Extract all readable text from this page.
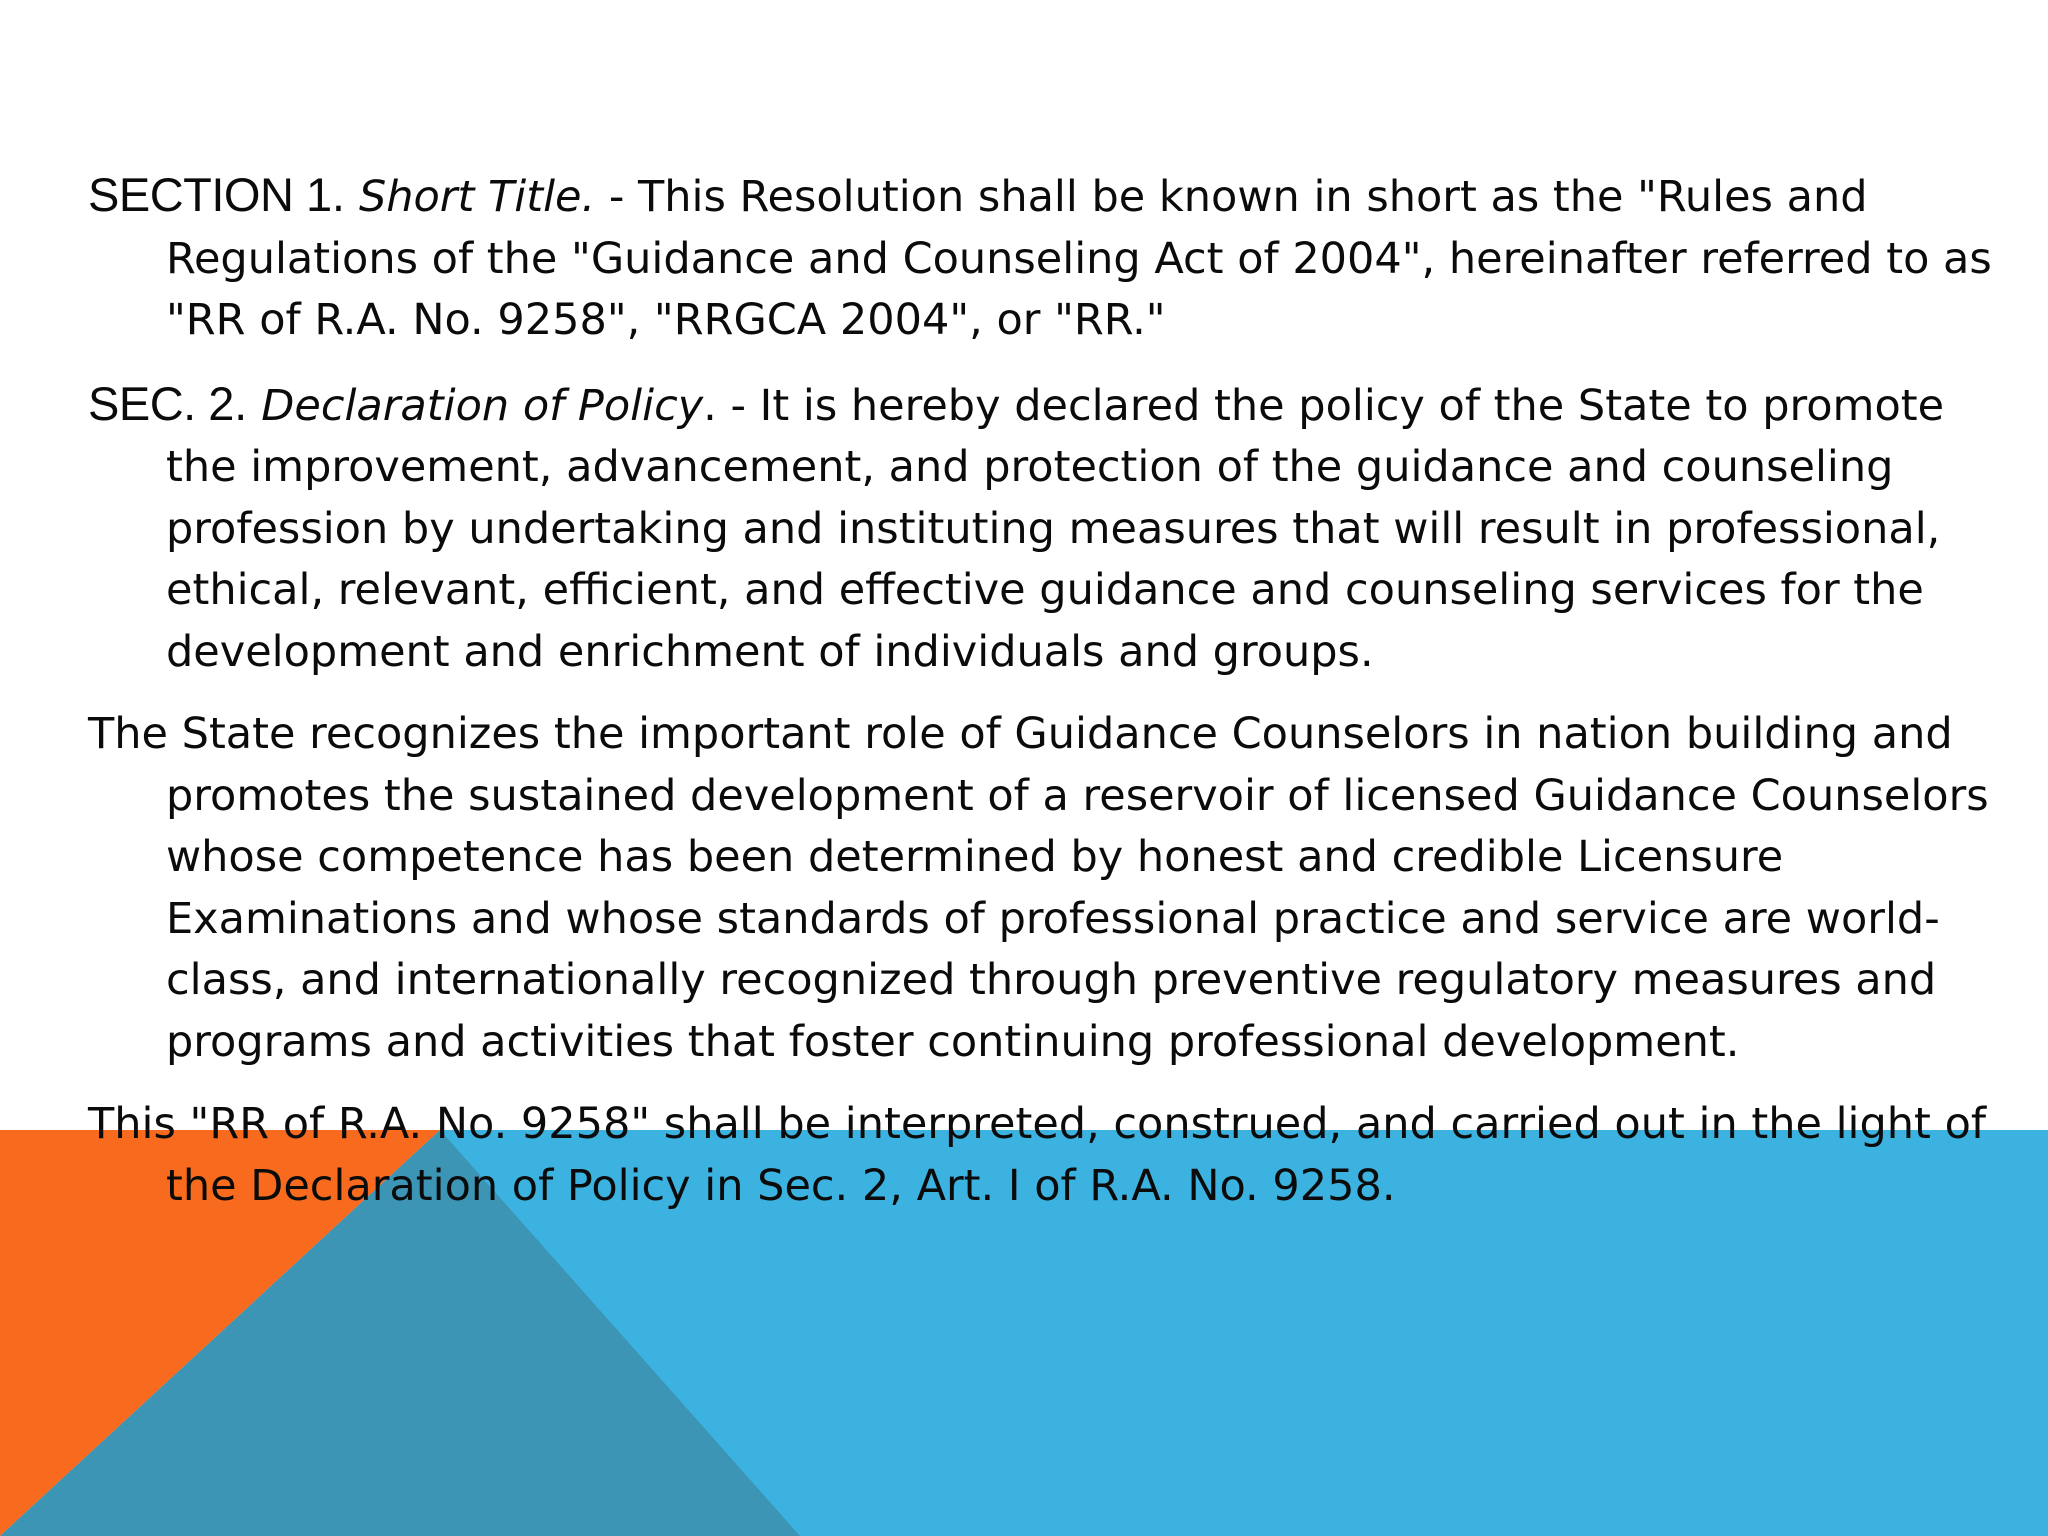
SECTION 1. Short Title. - This Resolution shall be known in short as the "Rules and Regulations of the "Guidance and Counseling Act of 2004", hereinafter referred to as "RR of R.A. No. 9258", "RRGCA 2004", or "RR."

SEC. 2. Declaration of Policy. - It is hereby declared the policy of the State to promote the improvement, advancement, and protection of the guidance and counseling profession by undertaking and instituting measures that will result in professional, ethical, relevant, efficient, and effective guidance and counseling services for the development and enrichment of individuals and groups.

The State recognizes the important role of Guidance Counselors in nation building and promotes the sustained development of a reservoir of licensed Guidance Counselors whose competence has been determined by honest and credible Licensure Examinations and whose standards of professional practice and service are world-class, and internationally recognized through preventive regulatory measures and programs and activities that foster continuing professional development.

This "RR of R.A. No. 9258" shall be interpreted, construed, and carried out in the light of the Declaration of Policy in Sec. 2, Art. I of R.A. No. 9258.
